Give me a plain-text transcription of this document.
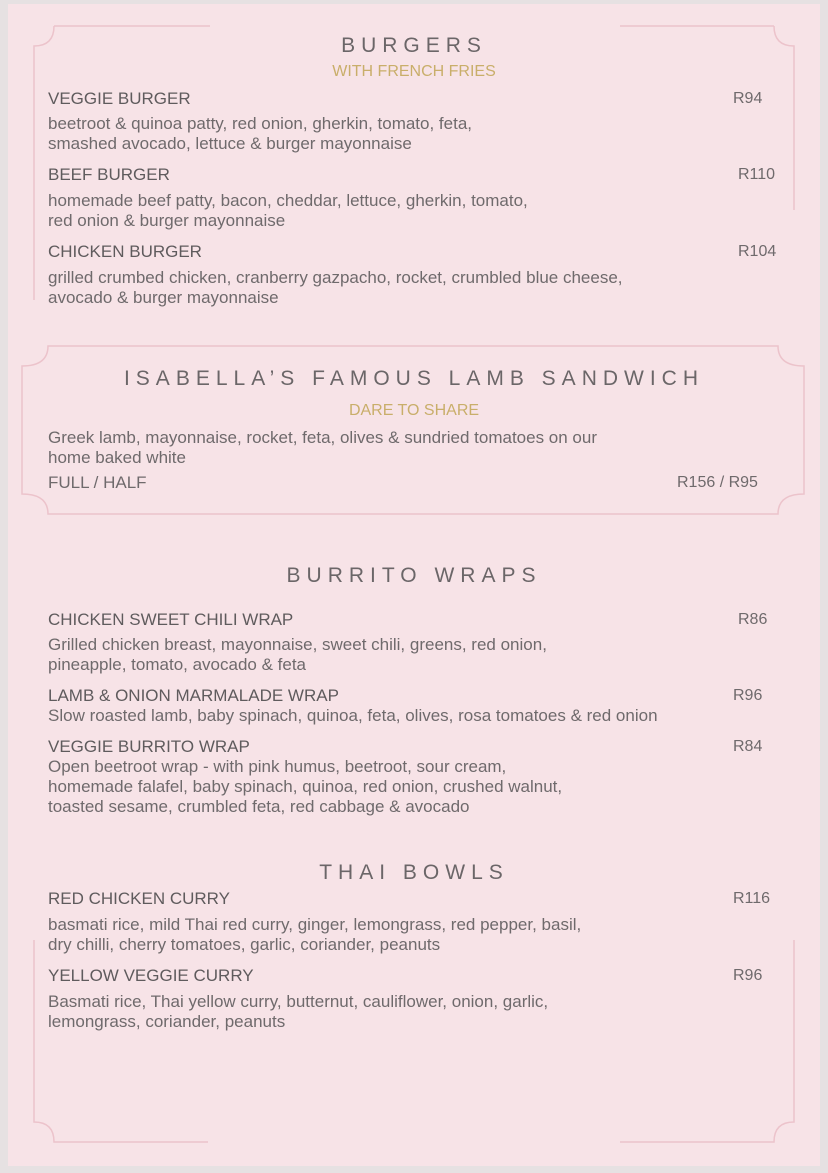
BURGERS
WITH FRENCH FRIES
VEGGIE BURGER	R94
beetroot & quinoa patty, red onion, gherkin, tomato, feta,
smashed avocado, lettuce & burger mayonnaise
BEEF BURGER	R110
homemade beef patty, bacon, cheddar, lettuce, gherkin, tomato,
red onion & burger mayonnaise
CHICKEN BURGER	R104
grilled crumbed chicken, cranberry gazpacho, rocket, crumbled blue cheese,
avocado & burger mayonnaise
ISABELLA’S FAMOUS LAMB SANDWICH
DARE TO SHARE
Greek lamb, mayonnaise, rocket, feta, olives & sundried tomatoes on our
home baked white
FULL / HALF	R156 / R95
BURRITO WRAPS
CHICKEN SWEET CHILI WRAP	R86
Grilled chicken breast, mayonnaise, sweet chili, greens, red onion,
pineapple, tomato, avocado & feta
LAMB & ONION MARMALADE WRAP	R96
Slow roasted lamb, baby spinach, quinoa, feta, olives, rosa tomatoes & red onion
VEGGIE BURRITO WRAP	R84
Open beetroot wrap - with pink humus, beetroot, sour cream,
homemade falafel, baby spinach, quinoa, red onion, crushed walnut,
toasted sesame, crumbled feta, red cabbage & avocado
THAI BOWLS
RED CHICKEN CURRY	R116
basmati rice, mild Thai red curry, ginger, lemongrass, red pepper, basil,
dry chilli, cherry tomatoes, garlic, coriander, peanuts
YELLOW VEGGIE CURRY	R96
Basmati rice, Thai yellow curry, butternut, cauliflower, onion, garlic,
lemongrass, coriander, peanuts
